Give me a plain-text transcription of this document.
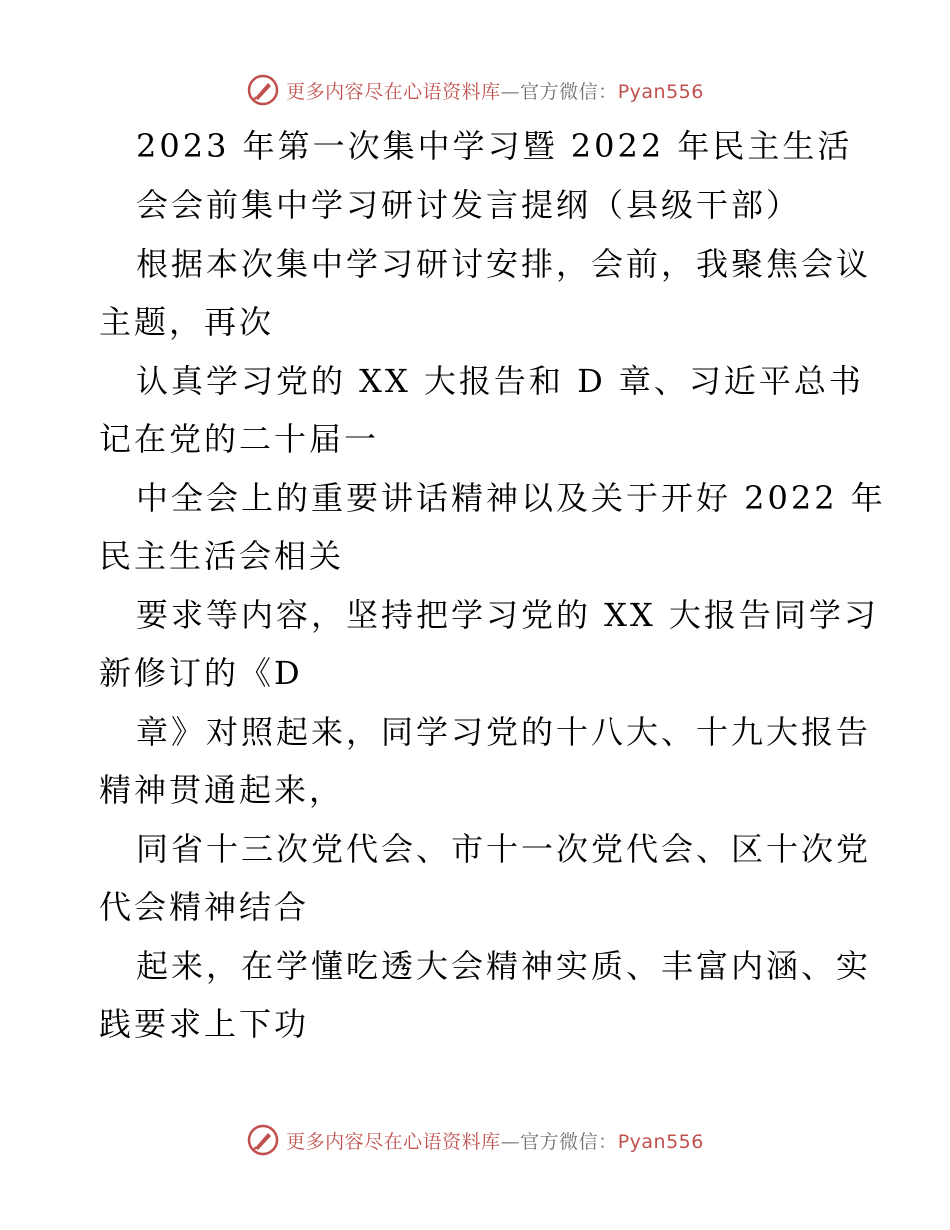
更多内容尽在心语资料库—官方微信：Pyan556
2023 年第一次集中学习暨 2022 年民主生活
会会前集中学习研讨发言提纲（县级干部）
根据本次集中学习研讨安排，会前，我聚焦会议
主题，再次
认真学习党的 XX 大报告和 D 章、习近平总书
记在党的二十届一
中全会上的重要讲话精神以及关于开好 2022 年
民主生活会相关
要求等内容，坚持把学习党的 XX 大报告同学习
新修订的《D
章》对照起来，同学习党的十八大、十九大报告
精神贯通起来，
同省十三次党代会、市十一次党代会、区十次党
代会精神结合
起来，在学懂吃透大会精神实质、丰富内涵、实
践要求上下功
更多内容尽在心语资料库—官方微信：Pyan556
